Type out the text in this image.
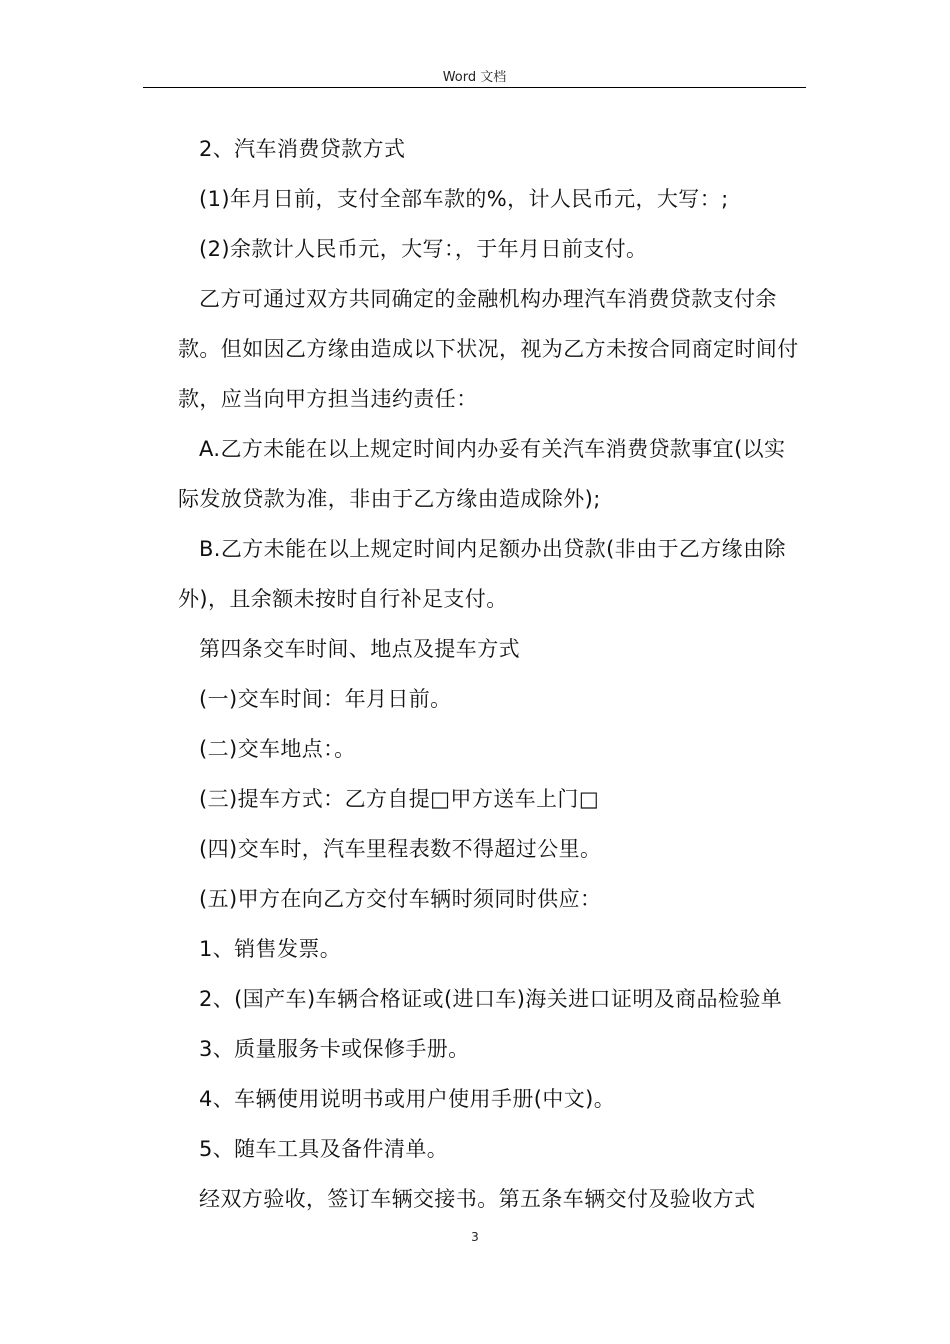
Word 文档

2、汽车消费贷款方式

(1)年月日前，支付全部车款的%，计人民币元，大写：;

(2)余款计人民币元，大写：，于年月日前支付。

乙方可通过双方共同确定的金融机构办理汽车消费贷款支付余款。但如因乙方缘由造成以下状况，视为乙方未按合同商定时间付款，应当向甲方担当违约责任：

A.乙方未能在以上规定时间内办妥有关汽车消费贷款事宜(以实际发放贷款为准，非由于乙方缘由造成除外);

B.乙方未能在以上规定时间内足额办出贷款(非由于乙方缘由除外)，且余额未按时自行补足支付。

第四条交车时间、地点及提车方式

(一)交车时间：年月日前。

(二)交车地点：。

(三)提车方式：乙方自提□甲方送车上门□

(四)交车时，汽车里程表数不得超过公里。

(五)甲方在向乙方交付车辆时须同时供应：

1、销售发票。

2、(国产车)车辆合格证或(进口车)海关进口证明及商品检验单

3、质量服务卡或保修手册。

4、车辆使用说明书或用户使用手册(中文)。

5、随车工具及备件清单。

经双方验收，签订车辆交接书。第五条车辆交付及验收方式

3
